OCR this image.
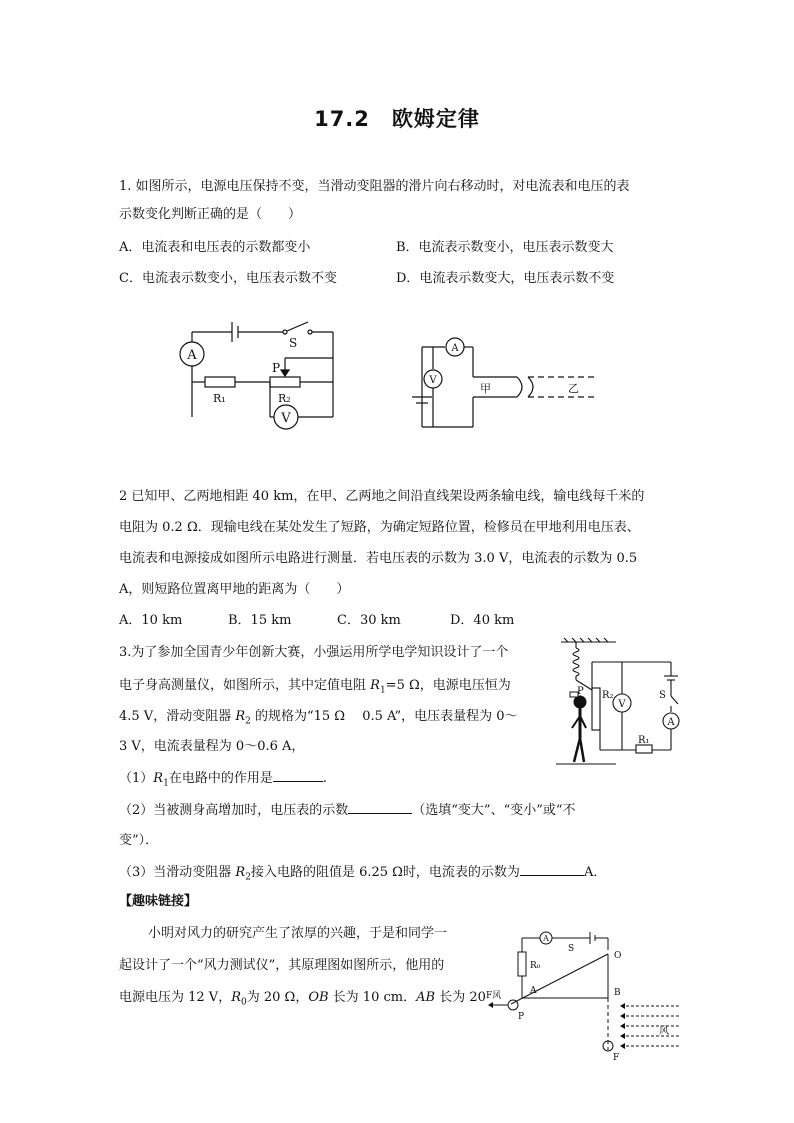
17.2　欧姆定律
1. 如图所示，电源电压保持不变，当滑动变阻器的滑片向右移动时，对电流表和电压的表
示数变化判断正确的是（　　）
A．电流表和电压表的示数都变小	B．电流表示数变小，电压表示数变大
C．电流表示数变小，电压表示数不变	D．电流表示数变大，电压表示数不变
A
S
P
R₁	R₂
V
A
V
甲	乙
2 已知甲、乙两地相距 40 km，在甲、乙两地之间沿直线架设两条输电线，输电线每千米的
电阻为 0.2 Ω．现输电线在某处发生了短路，为确定短路位置，检修员在甲地利用电压表、
电流表和电源接成如图所示电路进行测量．若电压表的示数为 3.0 V，电流表的示数为 0.5
A，则短路位置离甲地的距离为（　　）
A．10 km	B．15 km	C．30 km	D．40 km
3.为了参加全国青少年创新大赛，小强运用所学电学知识设计了一个
电子身高测量仪，如图所示，其中定值电阻 $R_1=5$ Ω，电源电压恒为
4.5 V，滑动变阻器 $R_2$ 的规格为“15 Ω　 0.5 A”，电压表量程为 0～
3 V，电流表量程为 0～0.6 A，
$(1)R_1$在电路中的作用是	.
（2）当被测身高增加时，电压表的示数	（选填“变大”、“变小”或“不
变”）．
（3）当滑动变阻器 $R_2$接入电路的阻值是 6.25 Ω时，电流表的示数为	A．
P R₂
V
S
A
R₁
【趣味链接】
小明对风力的研究产生了浓厚的兴趣，于是和同学一
起设计了一个“风力测试仪”，其原理图如图所示，他用的
电源电压为 12 V，$R_0$为 20 Ω，OB 长为 10 cm．AB 长为 20
A
S
O
R₀
A	B
F风
P
风
F
